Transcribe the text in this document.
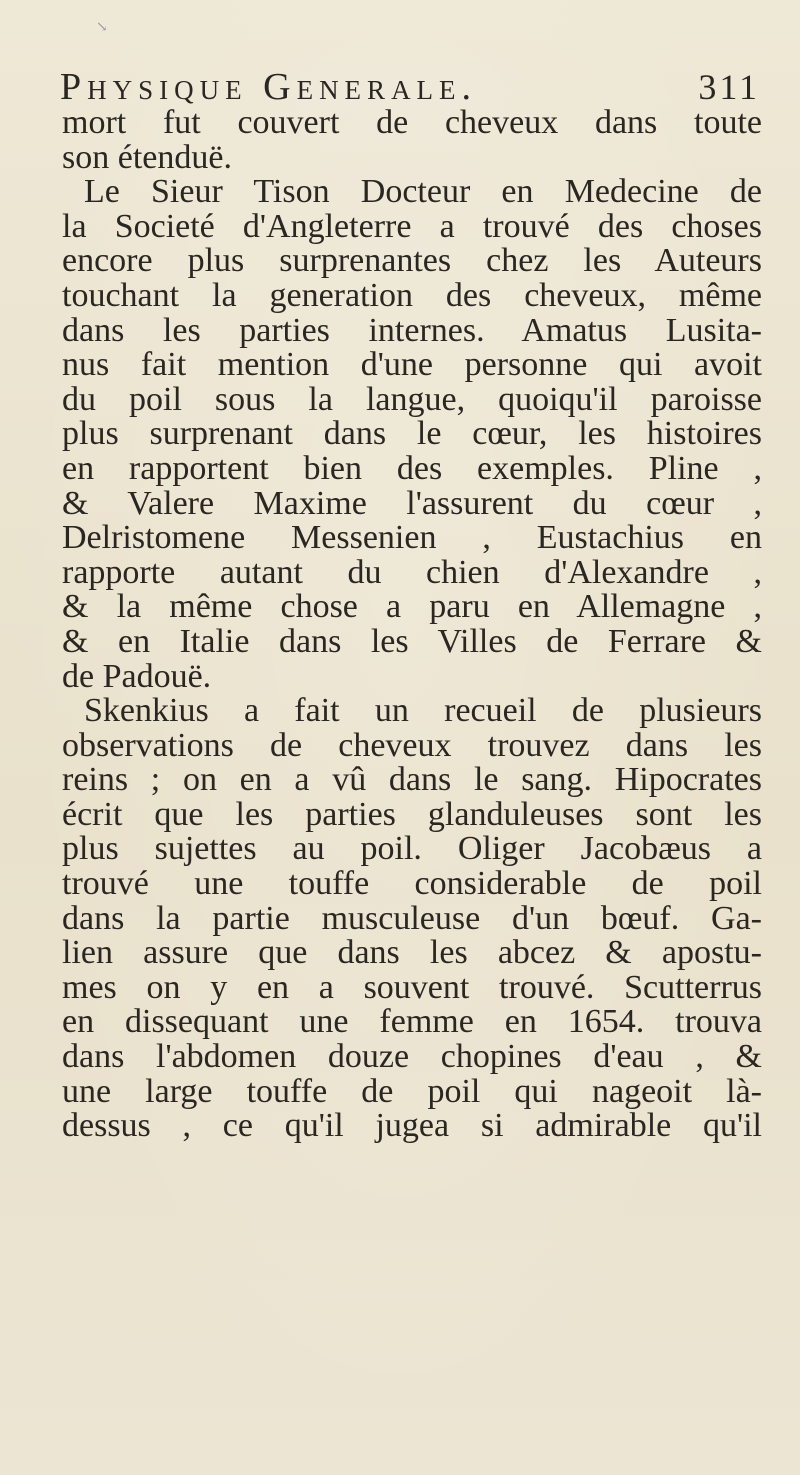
↘
Physique Generale.	311
mort fut couvert de cheveux dans toute
son étenduë.
Le Sieur Tison Docteur en Medecine de
la Societé d'Angleterre a trouvé des choses
encore plus surprenantes chez les Auteurs
touchant la generation des cheveux, même
dans les parties internes. Amatus Lusita-
nus fait mention d'une personne qui avoit
du poil sous la langue, quoiqu'il paroisse
plus surprenant dans le cœur, les histoires
en rapportent bien des exemples. Pline ,
& Valere Maxime l'assurent du cœur ,
Delristomene Messenien , Eustachius en
rapporte autant du chien d'Alexandre ,
& la même chose a paru en Allemagne ,
& en Italie dans les Villes de Ferrare &
de Padouë.
Skenkius a fait un recueil de plusieurs
observations de cheveux trouvez dans les
reins ; on en a vû dans le sang. Hipocrates
écrit que les parties glanduleuses sont les
plus sujettes au poil. Oliger Jacobæus a
trouvé une touffe considerable de poil
dans la partie musculeuse d'un bœuf. Ga-
lien assure que dans les abcez & apostu-
mes on y en a souvent trouvé. Scutterrus
en dissequant une femme en 1654. trouva
dans l'abdomen douze chopines d'eau , &
une large touffe de poil qui nageoit là-
dessus , ce qu'il jugea si admirable qu'il
